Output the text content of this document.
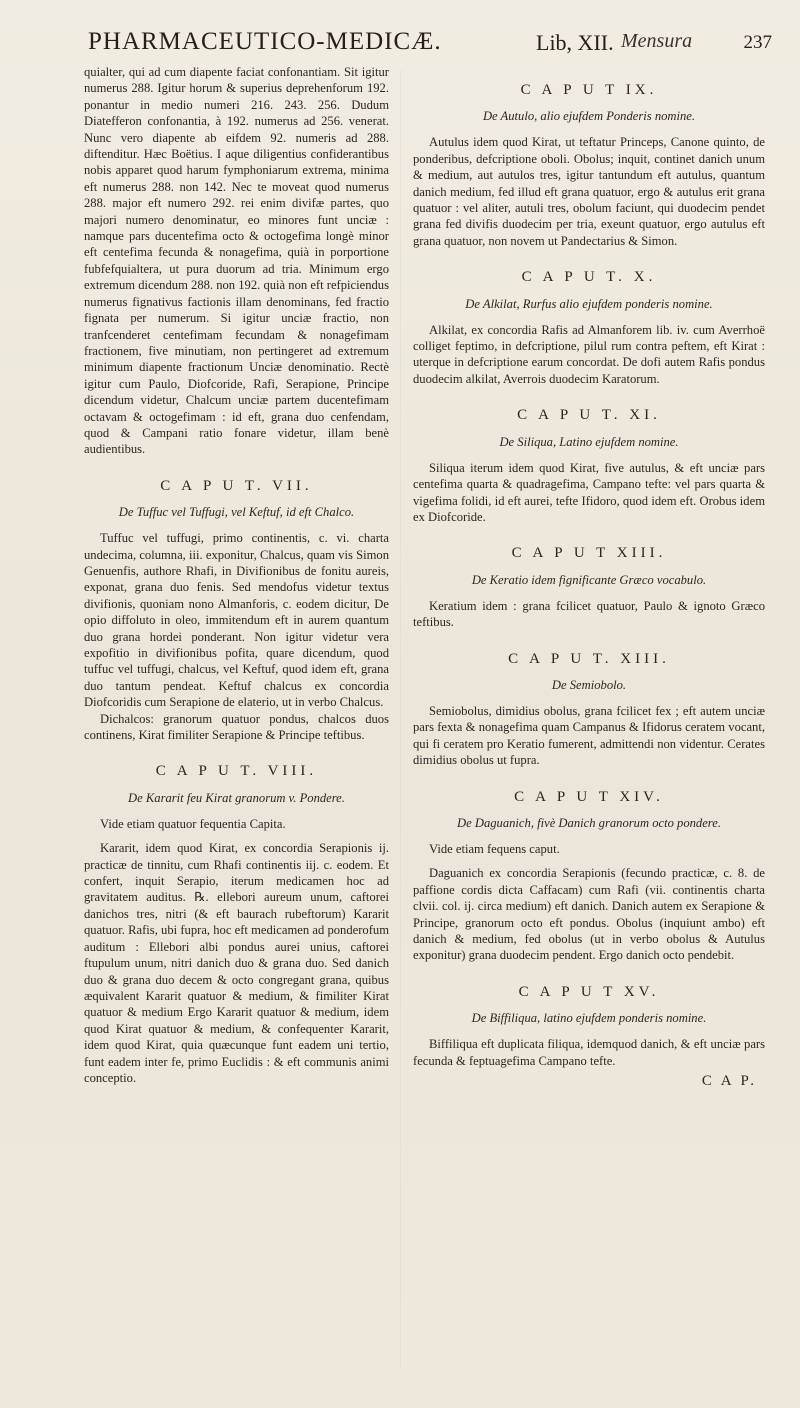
PHARMACEUTICO-MEDICÆ.	Lib, XII. Mensura	237

quialter, qui ad cum diapente faciat confonantiam. Sit igitur numerus 288. Igitur horum & superius deprehenforum 192. ponantur in medio numeri 216. 243. 256. Dudum Diatefferon confonantia, à 192. numerus ad 256. venerat. Nunc vero diapente ab eifdem 92. numeris ad 288. diftenditur. Hæc Boëtius. I aque diligentius confiderantibus nobis apparet quod harum fymphoniarum extrema, minima eft numerus 288. non 142. Nec te moveat quod numerus 288. major eft numero 292. rei enim divifæ partes, quo majori numero denominatur, eo minores funt unciæ : namque pars ducentefima octo & octogefima longè minor eft centefima fecunda & nonagefima, quià in porportione fubfefquialtera, ut pura duorum ad tria. Minimum ergo extremum dicendum 288. non 192. quià non eft refpiciendus numerus fignativus factionis illam denominans, fed fractio fignata per numerum. Si igitur unciæ fractio, non tranfcenderet centefimam fecundam & nonagefimam fractionem, five minutiam, non pertingeret ad extremum minimum diapente fractionum Unciæ denominatio. Rectè igitur cum Paulo, Diofcoride, Rafi, Serapione, Principe dicendum videtur, Chalcum unciæ partem ducentefimam octavam & octogefimam : id eft, grana duo cenfendam, quod & Campani ratio fonare videtur, illam benè audientibus.

C A P U T. VII.
De Tuffuc vel Tuffugi, vel Keftuf, id eft Chalco.

Tuffuc vel tuffugi, primo continentis, c. vi. charta undecima, columna, iii. exponitur, Chalcus, quam vis Simon Genuenfis, authore Rhafi, in Divifionibus de fonitu aureis, exponat, grana duo fenis. Sed mendofus videtur textus divifionis, quoniam nono Almanforis, c. eodem dicitur, De opio diffoluto in oleo, immitendum eft in aurem quantum duo grana hordei ponderant. Non igitur videtur vera expofitio in divifionibus pofita, quare dicendum, quod tuffuc vel tuffugi, chalcus, vel Keftuf, quod idem eft, grana duo tantum pendeat. Keftuf chalcus ex concordia Diofcoridis cum Serapione de elaterio, ut in verbo Chalcus.

Dichalcos: granorum quatuor pondus, chalcos duos continens, Kirat fimiliter Serapione & Principe teftibus.

C A P U T. VIII.
De Kararit feu Kirat granorum v. Pondere.

Vide etiam quatuor fequentia Capita.

Kararit, idem quod Kirat, ex concordia Serapionis ij. practicæ de tinnitu, cum Rhafi continentis iij. c. eodem. Et confert, inquit Serapio, iterum medicamen hoc ad gravitatem auditus. ℞. ellebori aureum unum, caftorei danichos tres, nitri (& eft baurach rubeftorum) Kararit quatuor. Rafis, ubi fupra, hoc eft medicamen ad ponderofum auditum : Ellebori albi pondus aurei unius, caftorei ftupulum unum, nitri danich duo & grana duo. Sed danich duo & grana duo decem & octo congregant grana, quibus æquivalent Kararit quatuor & medium, & fimiliter Kirat quatuor & medium Ergo Kararit quatuor & medium, idem quod Kirat quatuor & medium, & confequenter Kararit, idem quod Kirat, quia quæcunque funt eadem uni tertio, funt eadem inter fe, primo Euclidis : & eft communis animi conceptio.

C A P U T IX.
De Autulo, alio ejufdem Ponderis nomine.

Autulus idem quod Kirat, ut teftatur Princeps, Canone quinto, de ponderibus, defcriptione oboli. Obolus; inquit, continet danich unum & medium, aut autulos tres, igitur tantundum eft autulus, quantum danich medium, fed illud eft grana quatuor, ergo & autulus erit grana quatuor : vel aliter, autuli tres, obolum faciunt, qui duodecim pendet grana fed divifis duodecim per tria, exeunt quatuor, ergo autulus eft grana quatuor, non novem ut Pandectarius & Simon.

C A P U T. X.
De Alkilat, Rurfus alio ejufdem ponderis nomine.

Alkilat, ex concordia Rafis ad Almanforem lib. iv. cum Averrhoë colliget feptimo, in defcriptione, pilul rum contra peftem, eft Kirat : uterque in defcriptione earum concordat. De dofi autem Rafis pondus duodecim alkilat, Averrois duodecim Karatorum.

C A P U T. XI.
De Siliqua, Latino ejufdem nomine.

Siliqua iterum idem quod Kirat, five autulus, & eft unciæ pars centefima quarta & quadragefima, Campano tefte: vel pars quarta & vigefima folidi, id eft aurei, tefte Ifidoro, quod idem eft. Orobus idem ex Diofcoride.

C A P U T XIII.
De Keratio idem fignificante Græco vocabulo.

Keratium idem : grana fcilicet quatuor, Paulo & ignoto Græco teftibus.

C A P U T. XIII.
De Semiobolo.

Semiobolus, dimidius obolus, grana fcilicet fex ; eft autem unciæ pars fexta & nonagefima quam Campanus & Ifidorus ceratem vocant, qui fi ceratem pro Keratio fumerent, admittendi non videntur. Cerates dimidius obolus ut fupra.

C A P U T XIV.
De Daguanich, fivè Danich granorum octo pondere.

Vide etiam fequens caput.

Daguanich ex concordia Serapionis (fecundo practicæ, c. 8. de paffione cordis dicta Caffacam) cum Rafi (vii. continentis charta clvii. col. ij. circa medium) eft danich. Danich autem ex Serapione & Principe, granorum octo eft pondus. Obolus (inquiunt ambo) eft danich & medium, fed obolus (ut in verbo obolus & Autulus exponitur) grana duodecim pendent. Ergo danich octo pendebit.

C A P U T XV.
De Biffiliqua, latino ejufdem ponderis nomine.

Biffiliqua eft duplicata filiqua, idemquod danich, & eft unciæ pars fecunda & feptuagefima Campano tefte.

C A P.
